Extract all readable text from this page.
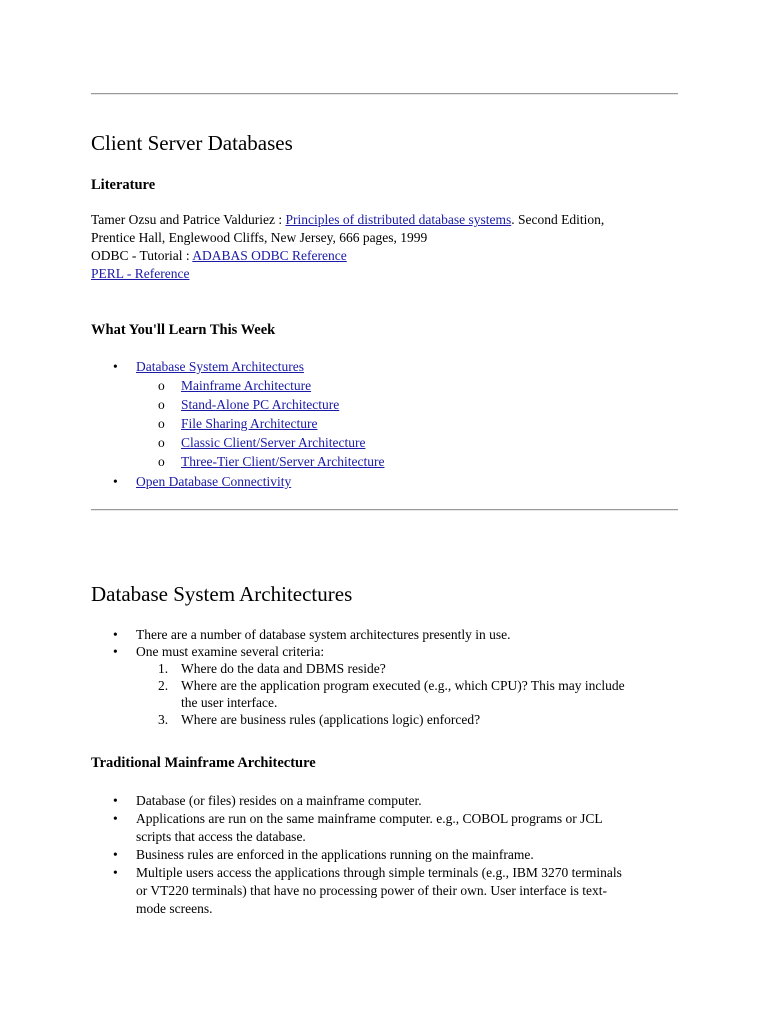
Client Server Databases
Literature

Tamer Ozsu and Patrice Valduriez : Principles of distributed database systems. Second Edition,

Prentice Hall, Englewood Cliffs, New Jersey, 666 pages, 1999

ODBC - Tutorial : ADABAS ODBC Reference

PERL - Reference

What You'll Learn This Week
•	Database System Architectures
o Mainframe Architecture
o Stand-Alone PC Architecture
o File Sharing Architecture
o Classic Client/Server Architecture
o Three-Tier Client/Server Architecture
•	Open Database Connectivity
Database System Architectures
•	There are a number of database system architectures presently in use.
•	One must examine several criteria:
1. Where do the data and DBMS reside?
2. Where are the application program executed (e.g., which CPU)? This may include
the user interface.
3. Where are business rules (applications logic) enforced?
Traditional Mainframe Architecture
•	Database (or files) resides on a mainframe computer.
•	Applications are run on the same mainframe computer. e.g., COBOL programs or JCL
scripts that access the database.
•	Business rules are enforced in the applications running on the mainframe.
•	Multiple users access the applications through simple terminals (e.g., IBM 3270 terminals
or VT220 terminals) that have no processing power of their own. User interface is text-
mode screens.
